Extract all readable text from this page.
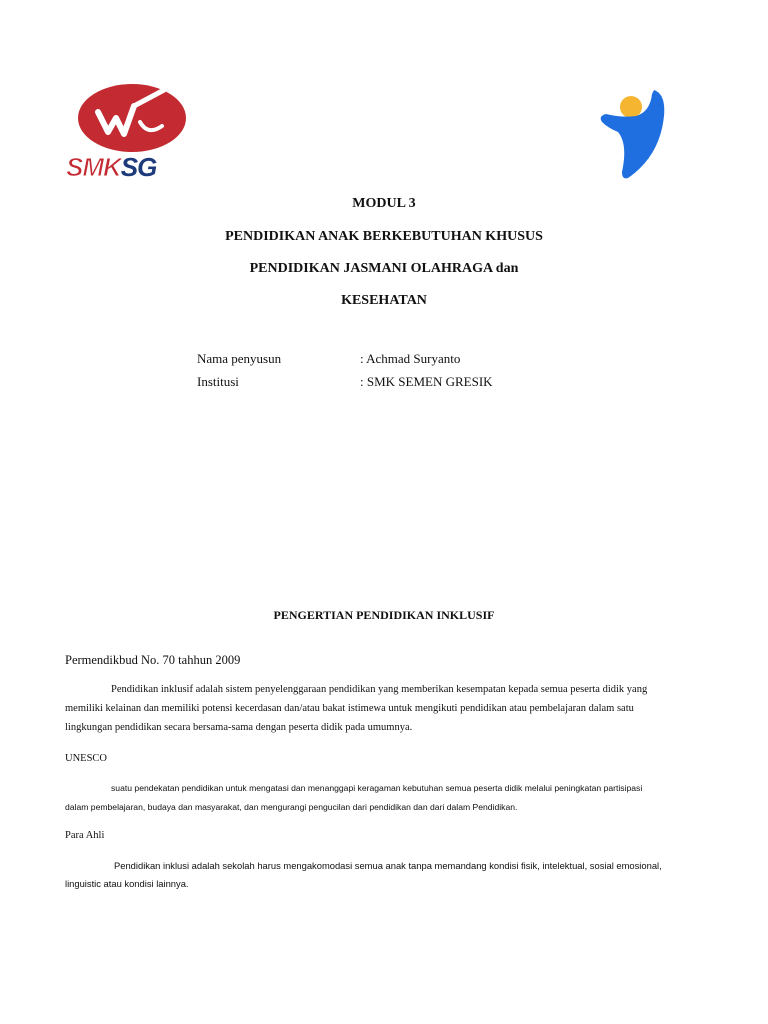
SMKSG
MODUL 3
PENDIDIKAN ANAK BERKEBUTUHAN KHUSUS
PENDIDIKAN JASMANI OLAHRAGA dan
KESEHATAN
Nama penyusun	: Achmad Suryanto
Institusi	: SMK SEMEN GRESIK
PENGERTIAN PENDIDIKAN INKLUSIF
Permendikbud No. 70 tahhun 2009
Pendidikan inklusif adalah sistem penyelenggaraan pendidikan yang memberikan kesempatan kepada semua peserta didik yang
memiliki kelainan dan memiliki potensi kecerdasan dan/atau bakat istimewa untuk mengikuti pendidikan atau pembelajaran dalam satu
lingkungan pendidikan secara bersama-sama dengan peserta didik pada umumnya.
UNESCO
suatu pendekatan pendidikan untuk mengatasi dan menanggapi keragaman kebutuhan semua peserta didik melalui peningkatan partisipasi
dalam pembelajaran, budaya dan masyarakat, dan mengurangi pengucilan dari pendidikan dan dari dalam Pendidikan.
Para Ahli
Pendidikan inklusi adalah sekolah harus mengakomodasi semua anak tanpa memandang kondisi fisik, intelektual, sosial emosional,
linguistic atau kondisi lainnya.
